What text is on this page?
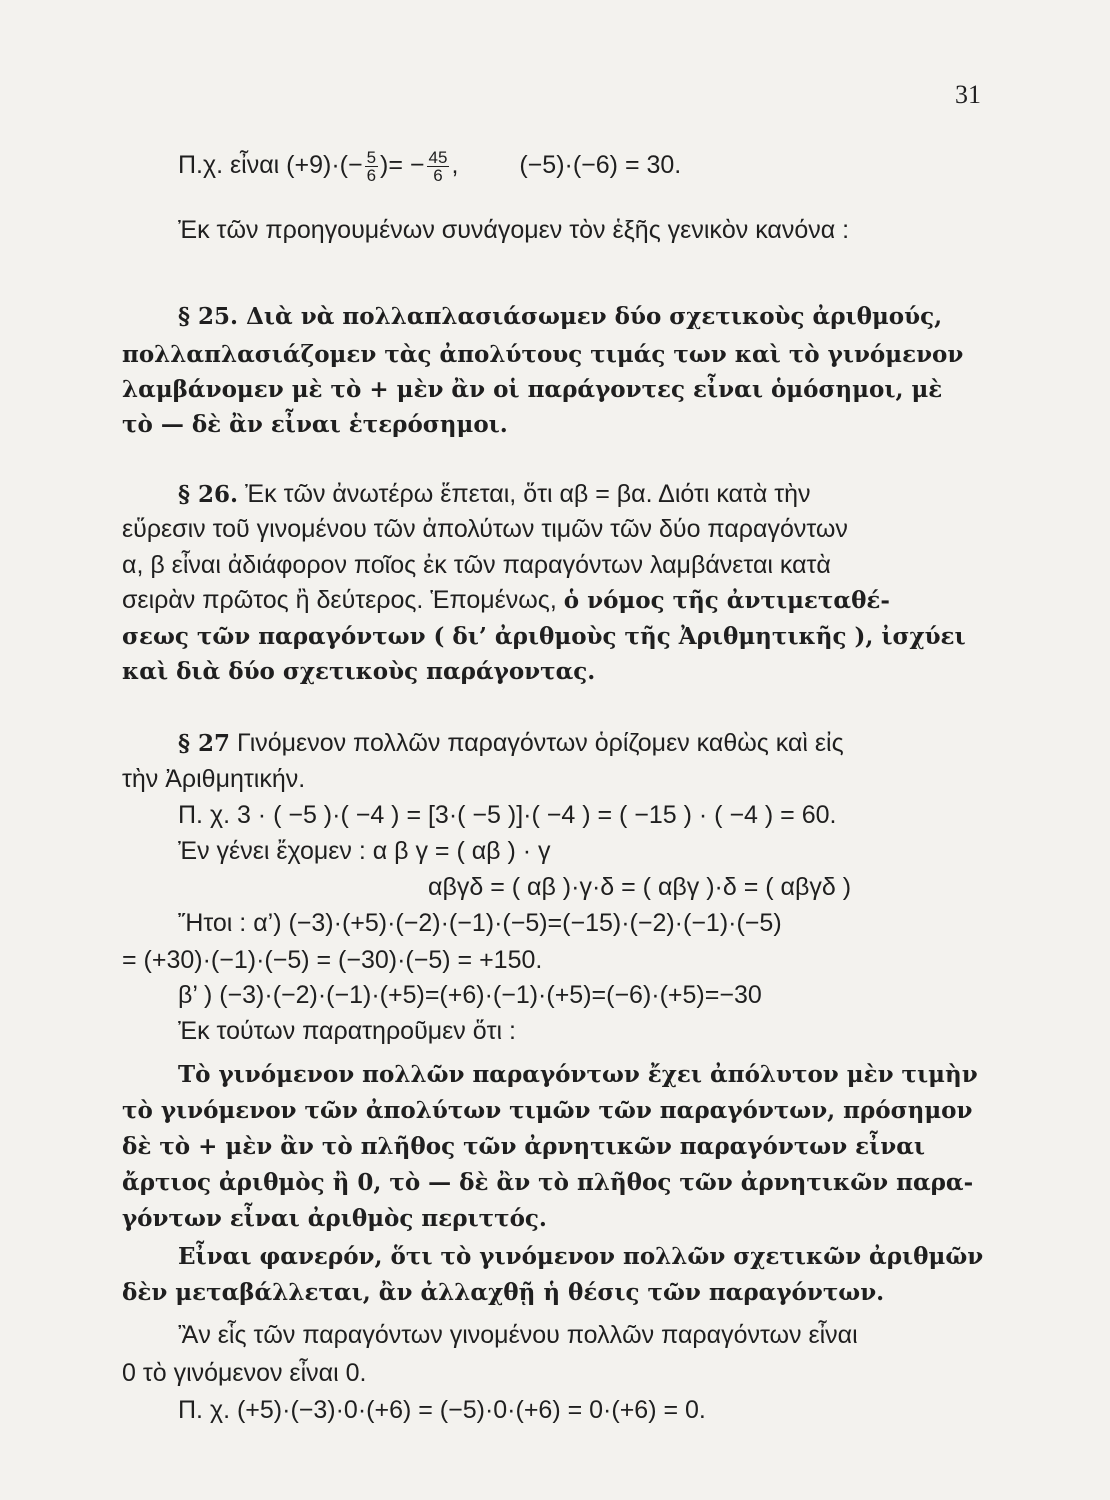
31
Π.χ. εἶναι $(+9)\cdot(- \frac{5}{6}$ )= − $\frac{45}{6}$ , (−5)·(−6) = 30.
Ἐκ τῶν προηγουμένων συνάγομεν τὸν ἑξῆς γενικὸν κανόνα :
§ 25. Διὰ νὰ πολλαπλασιάσωμεν δύο σχετικοὺς ἀριθμούς,
πολλαπλασιάζομεν τὰς ἀπολύτους τιμάς των καὶ τὸ γινόμενον
λαμβάνομεν μὲ τὸ + μὲν ἂν οἱ παράγοντες εἶναι ὁμόσημοι, μὲ
τὸ — δὲ ἂν εἶναι ἑτερόσημοι.
§ 26. Ἐκ τῶν ἀνωτέρω ἕπεται, ὅτι αβ = βα. Διότι κατὰ τὴν
εὕρεσιν τοῦ γινομένου τῶν ἀπολύτων τιμῶν τῶν δύο παραγόντων
α, β εἶναι ἀδιάφορον ποῖος ἐκ τῶν παραγόντων λαμβάνεται κατὰ
σειρὰν πρῶτος ἢ δεύτερος. Ἑπομένως, ὁ νόμος τῆς ἀντιμεταθέ-
σεως τῶν παραγόντων ( δι’ ἀριθμοὺς τῆς Ἀριθμητικῆς ), ἰσχύει
καὶ διὰ δύο σχετικοὺς παράγοντας.
§ 27 Γινόμενον πολλῶν παραγόντων ὁρίζομεν καθὼς καὶ εἰς
τὴν Ἀριθμητικήν.
Π. χ. 3 · ( −5 )·( −4 ) = [3·( −5 )]·( −4 ) = ( −15 ) · ( −4 ) = 60.
Ἐν γένει ἔχομεν : α β γ = ( αβ ) · γ
αβγδ = ( αβ )·γ·δ = ( αβγ )·δ = ( αβγδ )
Ἤτοι : α’) (−3)·(+5)·(−2)·(−1)·(−5)=(−15)·(−2)·(−1)·(−5)
= (+30)·(−1)·(−5) = (−30)·(−5) = +150.
β’ ) (−3)·(−2)·(−1)·(+5)=(+6)·(−1)·(+5)=(−6)·(+5)=−30
Ἐκ τούτων παρατηροῦμεν ὅτι :
Τὸ γινόμενον πολλῶν παραγόντων ἔχει ἀπόλυτον μὲν τιμὴν
τὸ γινόμενον τῶν ἀπολύτων τιμῶν τῶν παραγόντων, πρόσημον
δὲ τὸ + μὲν ἂν τὸ πλῆθος τῶν ἀρνητικῶν παραγόντων εἶναι
ἄρτιος ἀριθμὸς ἢ 0, τὸ — δὲ ἂν τὸ πλῆθος τῶν ἀρνητικῶν παρα-
γόντων εἶναι ἀριθμὸς περιττός.
Εἶναι φανερόν, ὅτι τὸ γινόμενον πολλῶν σχετικῶν ἀριθμῶν
δὲν μεταβάλλεται, ἂν ἀλλαχθῇ ἡ θέσις τῶν παραγόντων.
Ἂν εἷς τῶν παραγόντων γινομένου πολλῶν παραγόντων εἶναι
0 τὸ γινόμενον εἶναι 0.
Π. χ. (+5)·(−3)·0·(+6) = (−5)·0·(+6) = 0·(+6) = 0.
